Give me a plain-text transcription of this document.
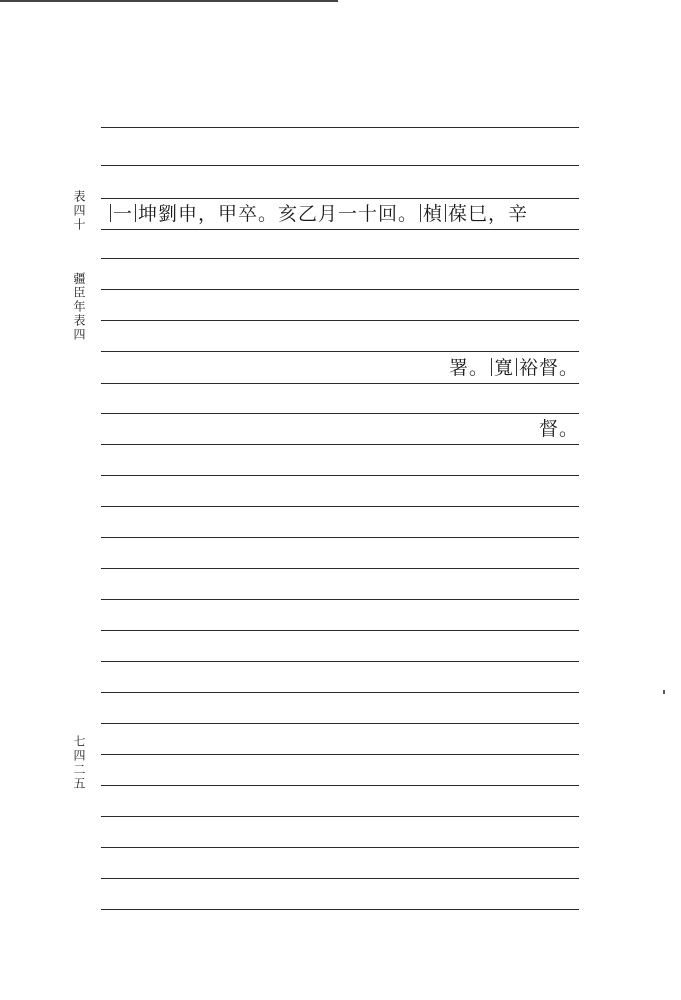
表四十
疆臣年表四
七四二五
一 坤劉申，甲卒。亥乙月一十回。 楨 葆巳，辛
署。 寬 裕督。
督。
